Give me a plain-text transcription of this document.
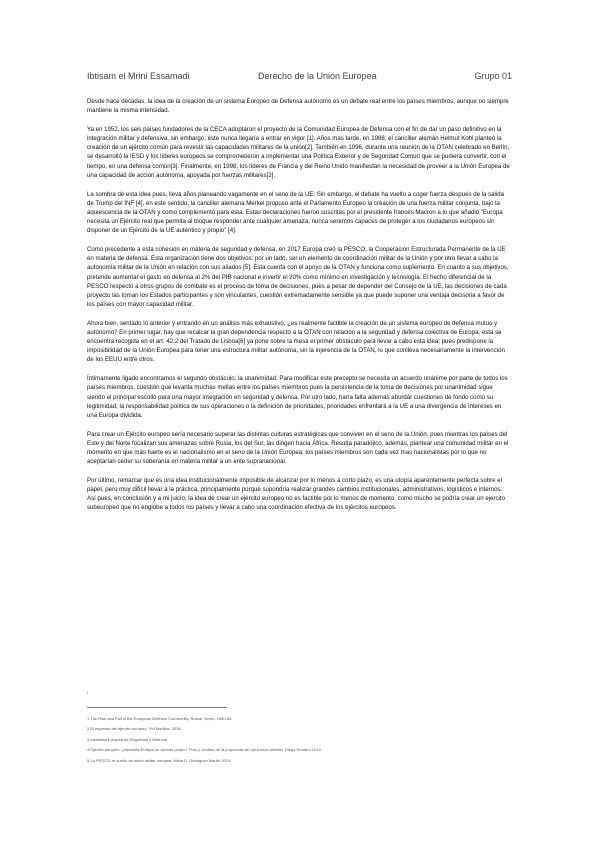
Ibtisam el Mrini Essamadi	Derecho de la Unión Europea	Grupo 01

Desde hace décadas, la idea de la creación de un sistema Europeo de Defensa autónomo es un debate real entre los países miembros, aunque no siempre mantiene la misma intensidad.

Ya en 1952, los seis países fundadores de la CECA adoptaron el proyecto de la Comunidad Europea de Defensa con el fin de dar un paso definitivo en la integración militar y defensiva, sin embargo, éste nunca llegaría a entrar en vigor [1]. Años mas tarde, en 1988, el canciller alemán Helmut Kohl planteó la creación de un ejército común para revestir las capacidades militares de la unión[2]. También en 1996, durante una reunión de la OTAN celebrado en Berlín, se desarrolló la IESD y los líderes europeos se comprometieron a implementar una Política Exterior y de Seguridad Común que se pudiera convertir, con el tiempo, en una defensa común[3]. Finalmente, en 1998, los líderes de Francia y del Reino Unido manifiestan la necesidad de proveer a la Unión Europea de una capacidad de acción autónoma, apoyada por fuerzas militares[2].

La sombra de esta idea pues, lleva años planeando vagamente en el seno de la UE. Sin embargo, el debate ha vuelto a coger fuerza después de la salida de Trump del INF [4], en este sentido, la canciller alemana Merkel propuso ante el Parlamento Europeo la creación de una fuerza militar conjunta, bajo la aquiescencia de la OTAN y como complemento para ésta. Estas declaraciones fueron suscritas por el presidente francés Macron a lo que añadió "Europa necesita un Ejército real que permita al bloque responder ante cualquier amenaza, nunca seremos capaces de proteger a los ciudadanos europeos sin disponer de un Ejército de la UE auténtico y propio" [4].

Como precedente a esta cohesión en materia de seguridad y defensa, en 2017 Europa creó la PESCO, la Cooperación Estructurada Permanente de la UE en materia de defensa. Esta organización tiene dos objetivos: por un lado, ser un elemento de coordinación militar de la Unión y por otro llevar a cabo la autonomía militar de la Unión en relación con sus aliados [5]. Ésta cuenta con el apoyo de la OTAN y funciona como suplemento. En cuanto a sus objetivos, pretende aumentar el gasto en defensa al 2% del PIB nacional e invertir el 20% como mínimo en investigación y tecnología. El hecho diferencial de la PESCO respecto a otros grupos de combate es el proceso de toma de decisiones, pues a pesar de depender del Consejo de la UE, las decisiones de cada proyecto las toman los Estados participantes y son vinculantes, cuestión extremadamente sensible ya que puede suponer una ventaja decisoria a favor de los países con mayor capacidad militar.

Ahora bien, sentado lo anterior y entrando en un análisis más exhaustivo, ¿es realmente factible la creación de un sistema europeo de defensa mutuo y autónomo? En primer lugar, hay que recalcar la gran dependencia respecto a la OTAN con relación a la seguridad y defensa colectiva de Europa, ésta se encuentra recogida en el art. 42.2 del Tratado de Lisboa[6] ya pone sobre la mesa el primer obstáculo para llevar a cabo esta idea; pues predispone la imposibilidad de la Unión Europea para tener una estructura militar autónoma, sin la injerencia de la OTAN, lo que conlleva necesariamente la intervención de los EEUU entre otros.

Íntimamente ligado encontramos el segundo obstáculo: la unanimidad. Para modificar este precepto se necesita un acuerdo unánime por parte de todos los países miembros, cuestión que levanta muchas mellas entre los países miembros pues la persistencia de la toma de decisiones por unanimidad sigue siendo el principal escollo para una mayor integración en seguridad y defensa. Por otro lado, haría falta además abordar cuestiones de fondo como su legitimidad, la responsabilidad política de sus operaciones o la definición de prioridades, prioridades enfrentará a la UE a una divergencia de intereses en una Europa dividida.

Para crear un Ejército europeo sería necesario superar las distintas culturas estratégicas que conviven en el seno de la Unión, pues mientras los países del Este y del Norte focalizan sus amenazas sobre Rusia, los del Sur, las dirigen hacia África. Resulta paradójico, además, plantear una comunidad militar en el momento en que más fuerte es el nacionalismo en el seno de la Unión Europea, los países miembros son cada vez mas nacionalistas por lo que no aceptarían ceder su soberanía en materia militar a un ente supranacional.

Por último, remarcar que es una idea institucionalmente imposible de alcanzar por lo menos a corto plazo, es una utopía aparentemente perfecta sobre el papel, pero muy difícil llevar a la práctica, principalmente porque supondría realizar grandes cambios institucionales, administrativos, logísticos e internos. Así pues, en conclusión y a mi juicio, la idea de crear un ejército europeo no es factible por lo menos de momento, como mucho se podría crear un ejército subeuropeo que no englobe a todos los países y llevar a cabo una coordinación efectiva de los ejércitos europeos.

i
1 The Rise and Fall of the European Defence Community. Ruane, Kevin, 1950-55
2 El espectro del ejército europeo. Pol Morillas, 2018
3 Identidad Europea de Seguridad y Defensa
4 Ejército europeo: ¿Necesita Europa un ejército propio? Pros y contras de la propuesta del eje franco-alemán. Diego Romero 2019
5 La PESCO, el sueño de unión militar europea. Alicia G. Rodríguez Martín 2019
